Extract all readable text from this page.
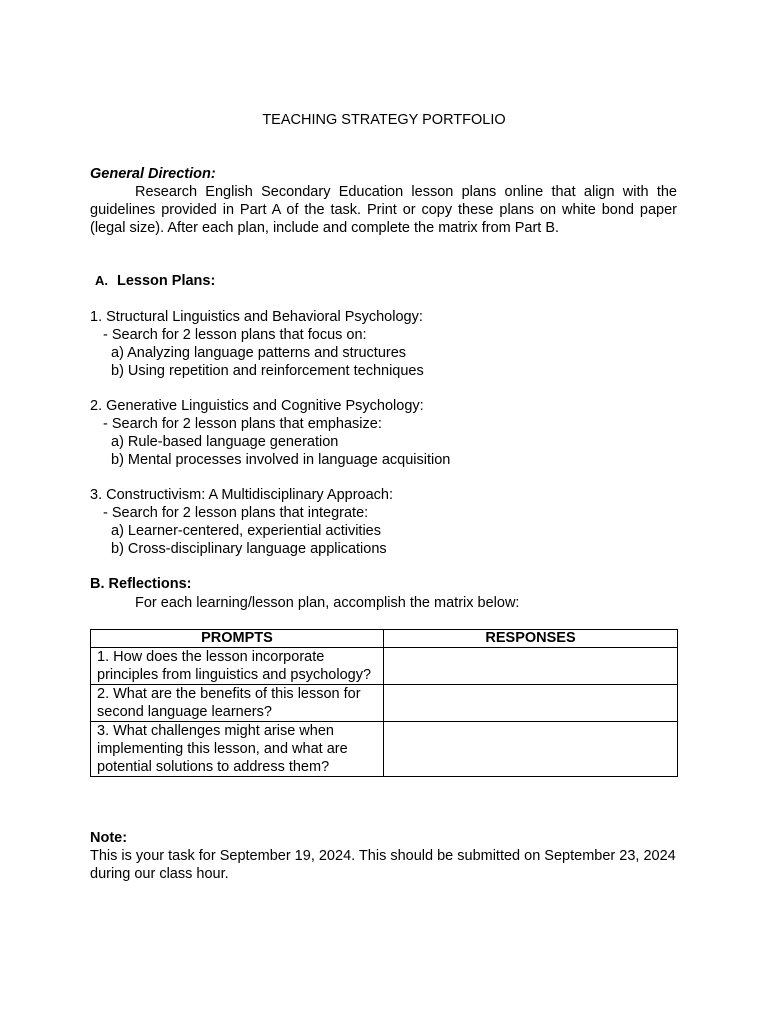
TEACHING STRATEGY PORTFOLIO
General Direction:
Research English Secondary Education lesson plans online that align with the guidelines provided in Part A of the task. Print or copy these plans on white bond paper (legal size). After each plan, include and complete the matrix from Part B.
A. Lesson Plans:
1. Structural Linguistics and Behavioral Psychology:
- Search for 2 lesson plans that focus on:
a) Analyzing language patterns and structures
b) Using repetition and reinforcement techniques
2. Generative Linguistics and Cognitive Psychology:
- Search for 2 lesson plans that emphasize:
a) Rule-based language generation
b) Mental processes involved in language acquisition
3. Constructivism: A Multidisciplinary Approach:
- Search for 2 lesson plans that integrate:
a) Learner-centered, experiential activities
b) Cross-disciplinary language applications
B. Reflections:
For each learning/lesson plan, accomplish the matrix below:
PROMPTS	RESPONSES
1. How does the lesson incorporate principles from linguistics and psychology?	
2. What are the benefits of this lesson for second language learners?	
3. What challenges might arise when implementing this lesson, and what are potential solutions to address them?	
Note:
This is your task for September 19, 2024. This should be submitted on September 23, 2024 during our class hour.
